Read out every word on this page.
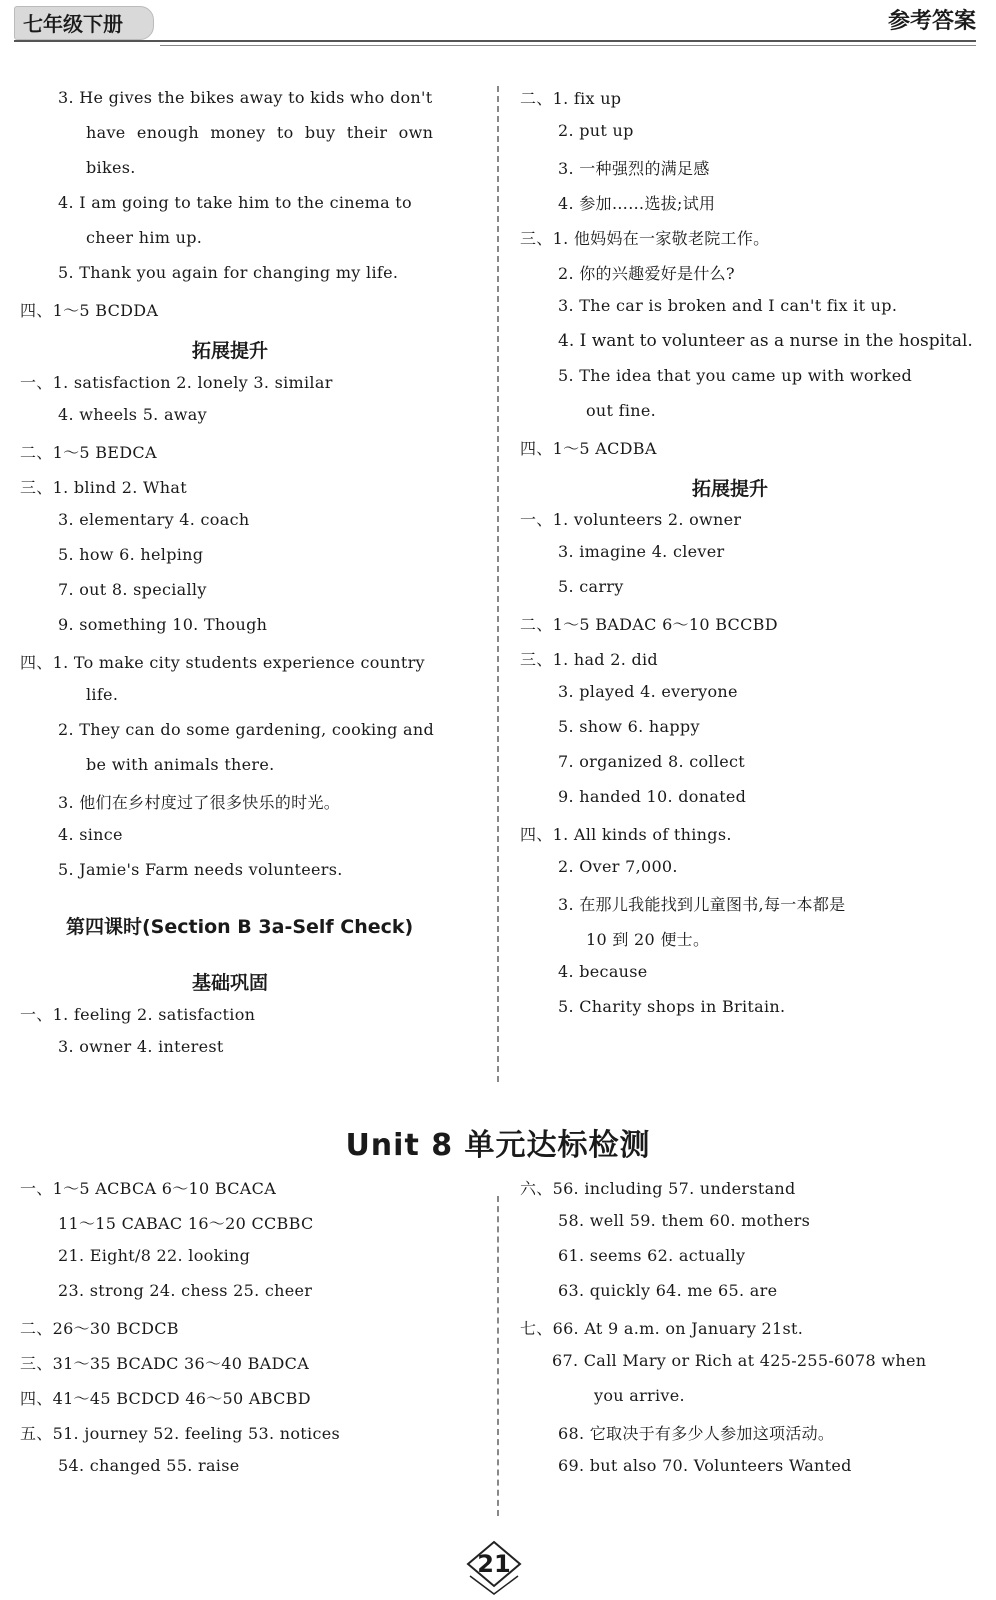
七年级下册	参考答案
3. He gives the bikes away to kids who don't
have enough money to buy their own
bikes.
4. I am going to take him to the cinema to
cheer him up.
5. Thank you again for changing my life.
四、1～5 BCDDA
拓展提升
一、1. satisfaction 2. lonely 3. similar
4. wheels 5. away
二、1～5 BEDCA
三、1. blind 2. What
3. elementary 4. coach
5. how 6. helping
7. out 8. specially
9. something 10. Though
四、1. To make city students experience country
life.
2. They can do some gardening, cooking and
be with animals there.
3. 他们在乡村度过了很多快乐的时光。
4. since
5. Jamie's Farm needs volunteers.
第四课时(Section B 3a-Self Check)
基础巩固
一、1. feeling 2. satisfaction
3. owner 4. interest
二、1. fix up
2. put up
3. 一种强烈的满足感
4. 参加……选拔;试用
三、1. 他妈妈在一家敬老院工作。
2. 你的兴趣爱好是什么?
3. The car is broken and I can't fix it up.
4. I want to volunteer as a nurse in the hospital.
5. The idea that you came up with worked
out fine.
四、1～5 ACDBA
拓展提升
一、1. volunteers 2. owner
3. imagine 4. clever
5. carry
二、1～5 BADAC 6～10 BCCBD
三、1. had 2. did
3. played 4. everyone
5. show 6. happy
7. organized 8. collect
9. handed 10. donated
四、1. All kinds of things.
2. Over 7,000.
3. 在那儿我能找到儿童图书,每一本都是
10 到 20 便士。
4. because
5. Charity shops in Britain.
Unit 8 单元达标检测
一、1～5 ACBCA 6～10 BCACA
11～15 CABAC 16～20 CCBBC
21. Eight/8 22. looking
23. strong 24. chess 25. cheer
二、26～30 BCDCB
三、31～35 BCADC 36～40 BADCA
四、41～45 BCDCD 46～50 ABCBD
五、51. journey 52. feeling 53. notices
54. changed 55. raise
六、56. including 57. understand
58. well 59. them 60. mothers
61. seems 62. actually
63. quickly 64. me 65. are
七、66. At 9 a.m. on January 21st.
67. Call Mary or Rich at 425-255-6078 when
you arrive.
68. 它取决于有多少人参加这项活动。
69. but also 70. Volunteers Wanted
21
